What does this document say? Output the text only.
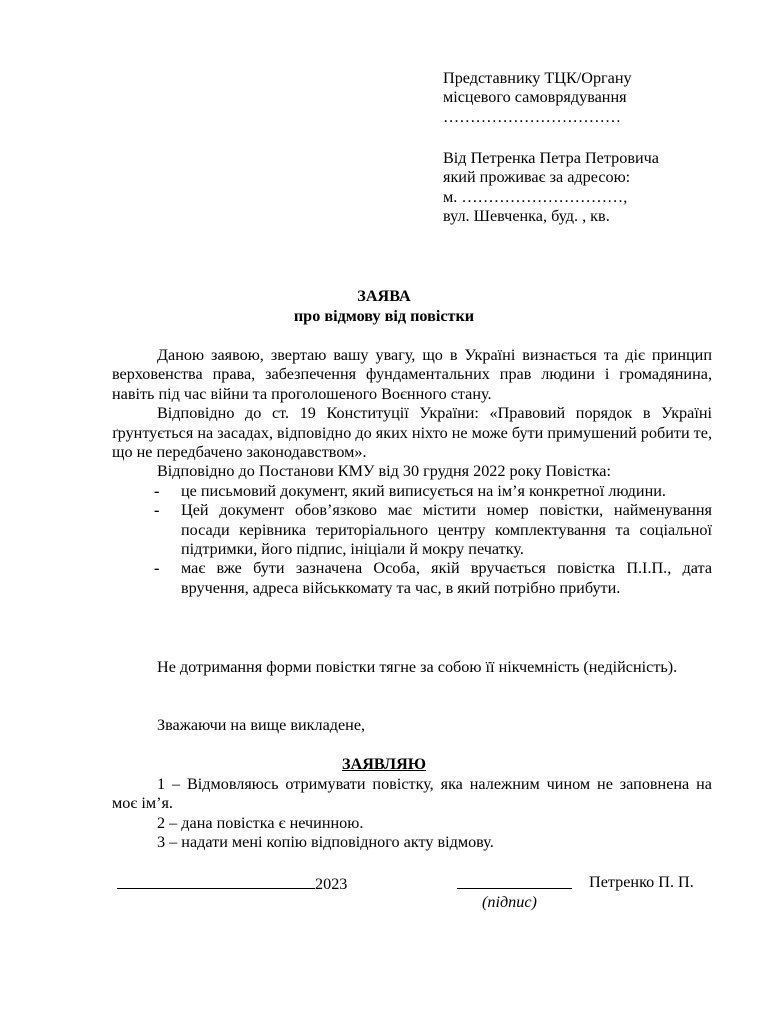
Представнику ТЦК/Органу
місцевого самоврядування
……………………………
Від Петренка Петра Петровича
який проживає за адресою:
м. …………………………,
вул. Шевченка, буд. , кв.
ЗАЯВА
про відмову від повістки

Даною заявою, звертаю вашу увагу, що в Україні визнається та діє принцип верховенства права, забезпечення фундаментальних прав людини і громадянина, навіть під час війни та проголошеного Воєнного стану.

Відповідно до ст. 19 Конституції України: «Правовий порядок в Україні ґрунтується на засадах, відповідно до яких ніхто не може бути примушений робити те, що не передбачено законодавством».

Відповідно до Постанови КМУ від 30 грудня 2022 року Повістка:

- це письмовий документ, який виписується на ім’я конкретної людини.
- Цей документ обов’язково має містити номер повістки, найменування посади керівника територіального центру комплектування та соціальної підтримки, його підпис, ініціали й мокру печатку.
- має вже бути зазначена Особа, якій вручається повістка П.І.П., дата вручення, адреса військкомату та час, в який потрібно прибути.

Не дотримання форми повістки тягне за собою її нікчемність (недійсність).

Зважаючи на вище викладене,

ЗАЯВЛЯЮ

1 – Відмовляюсь отримувати повістку, яка належним чином не заповнена на моє ім’я.

2 – дана повістка є нечинною.

3 – надати мені копію відповідного акту відмову.

2023
(підпис)
Петренко П. П.
